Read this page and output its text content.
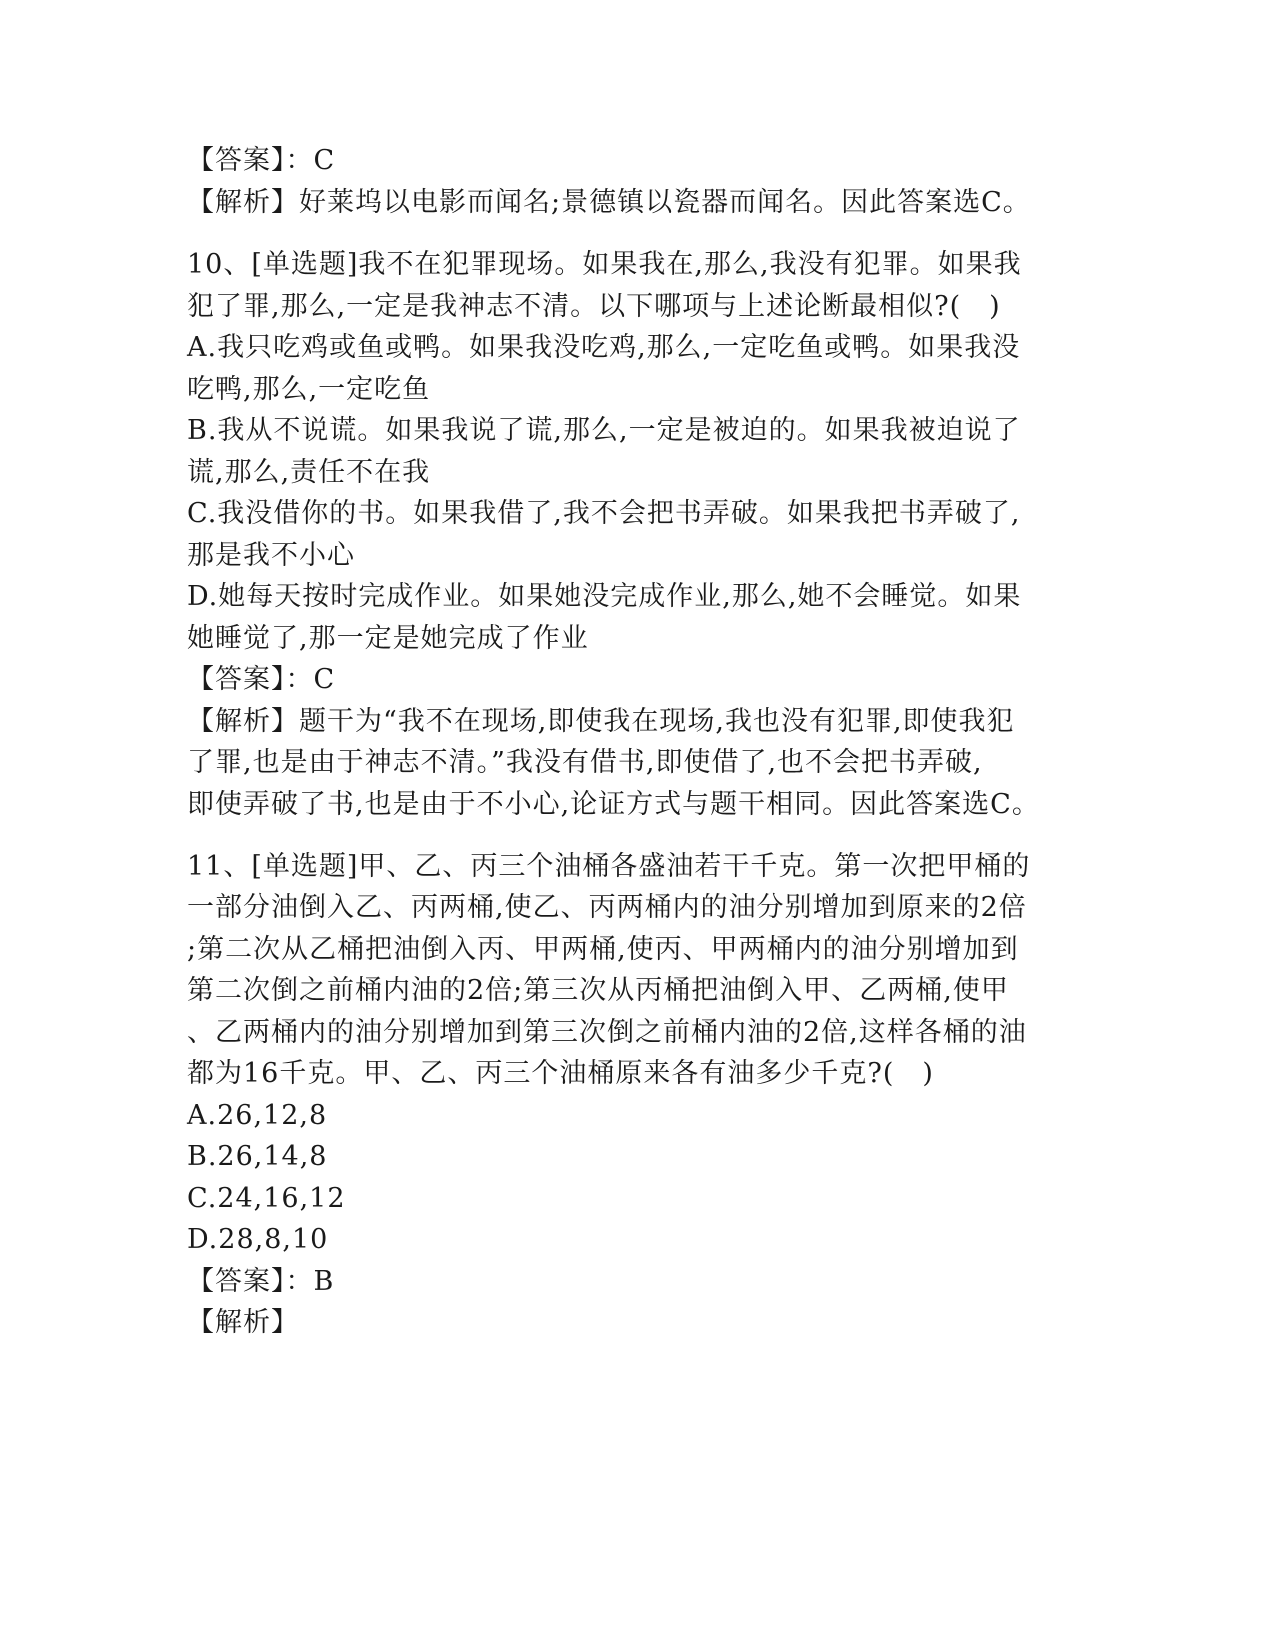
【答案】：C
【解析】好莱坞以电影而闻名;景德镇以瓷器而闻名。因此答案选C。
10、[单选题]我不在犯罪现场。如果我在,那么,我没有犯罪。如果我
犯了罪,那么,一定是我神志不清。以下哪项与上述论断最相似?(　)
A.我只吃鸡或鱼或鸭。如果我没吃鸡,那么,一定吃鱼或鸭。如果我没
吃鸭,那么,一定吃鱼
B.我从不说谎。如果我说了谎,那么,一定是被迫的。如果我被迫说了
谎,那么,责任不在我
C.我没借你的书。如果我借了,我不会把书弄破。如果我把书弄破了,
那是我不小心
D.她每天按时完成作业。如果她没完成作业,那么,她不会睡觉。如果
她睡觉了,那一定是她完成了作业
【答案】：C
【解析】题干为“我不在现场,即使我在现场,我也没有犯罪,即使我犯
了罪,也是由于神志不清。”我没有借书,即使借了,也不会把书弄破,
即使弄破了书,也是由于不小心,论证方式与题干相同。因此答案选C。
11、[单选题]甲、乙、丙三个油桶各盛油若干千克。第一次把甲桶的
一部分油倒入乙、丙两桶,使乙、丙两桶内的油分别增加到原来的2倍
;第二次从乙桶把油倒入丙、甲两桶,使丙、甲两桶内的油分别增加到
第二次倒之前桶内油的2倍;第三次从丙桶把油倒入甲、乙两桶,使甲
、乙两桶内的油分别增加到第三次倒之前桶内油的2倍,这样各桶的油
都为16千克。甲、乙、丙三个油桶原来各有油多少千克?(　)
A.26,12,8
B.26,14,8
C.24,16,12
D.28,8,10
【答案】：B
【解析】
